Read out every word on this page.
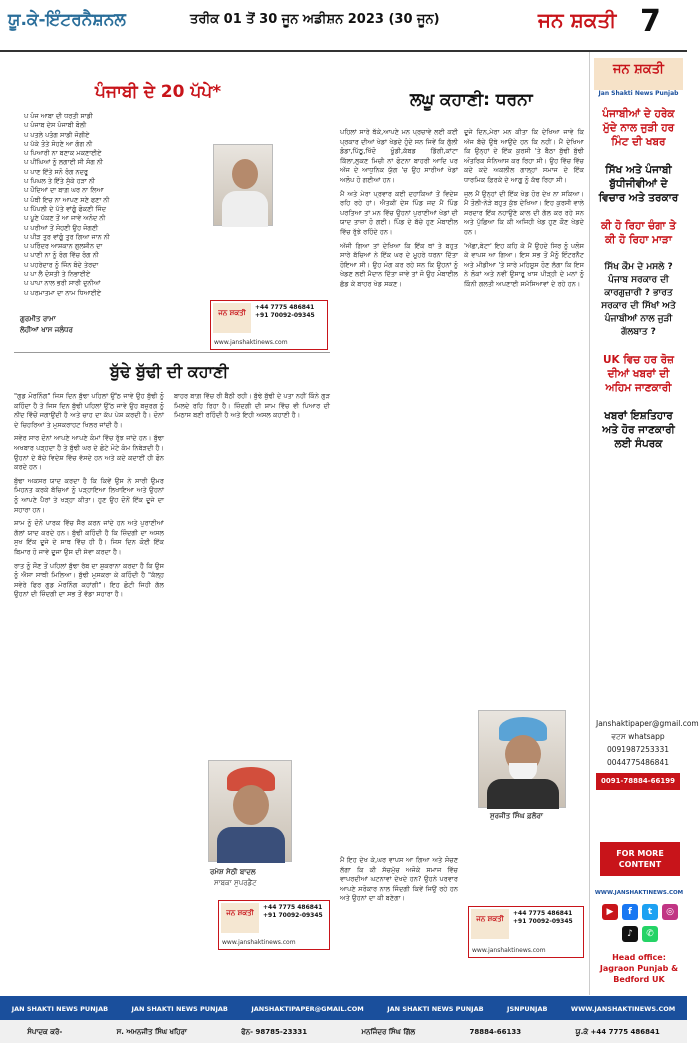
ਯੂ.ਕੇ-ਇੰਟਰਨੈਸ਼ਨਲ	ਤਰੀਕ 01 ਤੋਂ 30 ਜੂਨ ਅਡੀਸ਼ਨ 2023 (30 ਜੂਨ)	ਜਨ ਸ਼ਕਤੀ 7
ਪੰਜਾਬੀ ਦੇ 20 ਪੱਪੇ*
ਪ ਪੰਜ ਆਬਾ ਦੀ ਧਰਤੀ ਸਾਡੀ
ਪ ਪੰਜਾਬ ਦੇਸ ਪੰਜਾਬੀ ਬੋਲੀ
ਪ ਪਤਲੇ ਪਤੰਗ ਸਾਡੀ ਜੋਗੀਏ
ਪ ਪੱਕੇ ਤੋਤੇ ਸੋਹਣੇ ਆ ਗੰਗ ਨੀ
ਪ ਪਿਆਰੀ ਨਾ ਬਣਾਕ ਮਕਣਾਈਏ
ਪ ਪੀਂਘਿਆਂ ਨੂੰ ਲਗਾਈ ਸੀ ਸੰਗ ਨੀ
ਪ ਪਾਣ ਇੱਤੇ ਸਨੋ ਰੰਗ ਨਦਰੂ
ਪ ਪਿਘਲ ਤੇ ਇੱਤੇ ਸੁੱਕੇ ਹੜਾ ਨੀ
ਪ ਪੌਦਿਆਂ ਦਾ ਬਾਗ਼ ਘਰ ਨਾ ਲਿਆ
ਪ ਪੰਥੀ ਇਚ ਨਾ ਆਪਣ ਸਣੇ ਫਣਾ ਨੀ
ਪ ਪਿੱਪਲੀ ਦੇ ਪੱਤੇ ਵਾਂਗੂੰ ਫੋਕਣੀ ਜਿੰਦ
ਪ ਪੂਣੇ ਪੱਕਣ ਤੋਂ ਆ ਜਾਵੇ ਅਨੰਦ ਨੀ
ਪ ਪਰੀਆਂ ਤੋਂ ਸੋਹਣੀ ਉਹ ਜੋਗਣੀ
ਪ ਪੀੜ ਤੁਰ ਵਾਂਗੂੰ ਤੁਰ ਗਿਆ ਜਾਨ ਨੀ
ਪ ਪਰਿੰਦਰ ਆਸ਼ਕਾਨ ਗੁਲਸ਼ੀਨ ਦਾ
ਪ ਪਾਣੀ ਨਾ ਨੂੰ ਰੰਗ ਵਿੱਚ ਰੰਗ ਨੀ
ਪ ਪਹਰੇਦਾਰ ਨੂੰ ਜਿੰਨ ਬੰਦੇ ਤੇਰਦਾ
ਪ ਪਾ ਲੈ ਦੋਸਤੀ ਤੇ ਨਿਭਾਈਏ
ਪ ਪਾਪਾ ਨਾਲ ਭਰੀ ਸਾਰੀ ਦੁਨੀਆਂ
ਪ ਪਰਮਾਤਮਾ ਦਾ ਨਾਮ ਧਿਆਈਏ
ਗੁਰਮੀਤ ਰਾਮਾ
ਲੋਹੀਆਂ ਖਾਸ ਜਲੰਧਰ
ਜਨ ਸ਼ਕਤੀ
+44 7775 486841
+91 70092-09345
www.janshaktinews.com
ਬੁੱਢੇ ਬੁੱਢੀ ਦੀ ਕਹਾਣੀ

"ਗੁਡ ਮੋਰਨਿੰਗ" ਜਿਸ ਦਿਨ ਬੁੱਢਾ ਪਹਿਲਾਂ ਉੱਠ ਜਾਵੇ ਉਹ ਬੁੱਢੀ ਨੂੰ ਕਹਿੰਦਾ ਹੈ ਤੇ ਜਿਸ ਦਿਨ ਬੁੱਢੀ ਪਹਿਲਾਂ ਉੱਠ ਜਾਵੇ ਉਹ ਬਜ਼ੁਰਗ ਨੂੰ ਨੀਂਦ ਵਿੱਚੋਂ ਜਗਾਉਂਦੀ ਹੈ ਅਤੇ ਚਾਹ ਦਾ ਕੱਪ ਪੇਸ਼ ਕਰਦੀ ਹੈ। ਦੋਨਾਂ ਦੇ ਚਿਹਰਿਆਂ ਤੇ ਮੁਸਕਰਾਹਟ ਖਿਲਰ ਜਾਂਦੀ ਹੈ।

ਸਵੇਰ ਸਾਰ ਦੋਨਾਂ ਆਪਣੇ ਆਪਣੇ ਕੰਮਾਂ ਵਿੱਚ ਰੁੱਝ ਜਾਂਦੇ ਹਨ। ਬੁੱਢਾ ਅਖਬਾਰ ਪੜ੍ਹਦਾ ਹੈ ਤੇ ਬੁੱਢੀ ਘਰ ਦੇ ਛੋਟੇ ਮੋਟੇ ਕੰਮ ਨਿਬੇੜਦੀ ਹੈ। ਉਹਨਾਂ ਦੇ ਬੱਚੇ ਵਿਦੇਸ਼ ਵਿੱਚ ਵੱਸਦੇ ਹਨ ਅਤੇ ਕਦੇ ਕਦਾਈਂ ਹੀ ਫੋਨ ਕਰਦੇ ਹਨ।

ਬੁੱਢਾ ਅਕਸਰ ਯਾਦ ਕਰਦਾ ਹੈ ਕਿ ਕਿਵੇਂ ਉਸ ਨੇ ਸਾਰੀ ਉਮਰ ਮਿਹਨਤ ਕਰਕੇ ਬੱਚਿਆਂ ਨੂੰ ਪੜ੍ਹਾਇਆ ਲਿਖਾਇਆ ਅਤੇ ਉਹਨਾਂ ਨੂੰ ਆਪਣੇ ਪੈਰਾਂ ਤੇ ਖੜ੍ਹਾ ਕੀਤਾ। ਹੁਣ ਉਹ ਦੋਨੋਂ ਇੱਕ ਦੂਜੇ ਦਾ ਸਹਾਰਾ ਹਨ।

ਸ਼ਾਮ ਨੂੰ ਦੋਨੋਂ ਪਾਰਕ ਵਿੱਚ ਸੈਰ ਕਰਨ ਜਾਂਦੇ ਹਨ ਅਤੇ ਪੁਰਾਣੀਆਂ ਗੱਲਾਂ ਯਾਦ ਕਰਦੇ ਹਨ। ਬੁੱਢੀ ਕਹਿੰਦੀ ਹੈ ਕਿ ਜ਼ਿੰਦਗੀ ਦਾ ਅਸਲ ਸੁਖ ਇੱਕ ਦੂਜੇ ਦੇ ਸਾਥ ਵਿੱਚ ਹੀ ਹੈ। ਜਿਸ ਦਿਨ ਕੋਈ ਇੱਕ ਬਿਮਾਰ ਹੋ ਜਾਵੇ ਦੂਜਾ ਉਸ ਦੀ ਸੇਵਾ ਕਰਦਾ ਹੈ।

ਰਾਤ ਨੂੰ ਸੌਣ ਤੋਂ ਪਹਿਲਾਂ ਬੁੱਢਾ ਰੱਬ ਦਾ ਸ਼ੁਕਰਾਨਾ ਕਰਦਾ ਹੈ ਕਿ ਉਸ ਨੂੰ ਐਸਾ ਸਾਥੀ ਮਿਲਿਆ। ਬੁੱਢੀ ਮੁਸਕਰਾ ਕੇ ਕਹਿੰਦੀ ਹੈ "ਕੱਲ੍ਹ ਸਵੇਰੇ ਫਿਰ ਗੁਡ ਮੋਰਨਿੰਗ ਕਹਾਂਗੀ"। ਇਹ ਛੋਟੀ ਜਿਹੀ ਗੱਲ ਉਹਨਾਂ ਦੀ ਜ਼ਿੰਦਗੀ ਦਾ ਸਭ ਤੋਂ ਵੱਡਾ ਸਹਾਰਾ ਹੈ।

ਬਾਹਰ ਬਾਗ਼ ਵਿੱਚ ਰੀ ਬੈਠੀ ਰਹੀ। ਬੁੱਢੇ ਬੁੱਢੀ ਦੇ ਪਤਾ ਨਹੀਂ ਕਿੰਨੇ ਗੁੜ ਮਿਲਦੇ ਰਹਿ ਰਿਹਾ ਹੈ। ਜ਼ਿੰਦਗੀ ਦੀ ਸ਼ਾਮ ਵਿੱਚ ਵੀ ਪਿਆਰ ਦੀ ਮਿਠਾਸ ਬਣੀ ਰਹਿੰਦੀ ਹੈ ਅਤੇ ਇਹੀ ਅਸਲ ਕਹਾਣੀ ਹੈ।

ਰਮੇਸ਼ ਸੇਠੀ ਬਾਦਲ
ਸਾਬਕਾ ਸੁਪਰਡੈਂਟ
ਜਨ ਸ਼ਕਤੀ
+44 7775 486841
+91 70092-09345
www.janshaktinews.com
ਲਘੂ ਕਹਾਣੀ: ਧਰਨਾ

ਪਹਿਲਾਂ ਸਾਰੇ ਥੱਕੇ,ਆਪਣੇ ਮਨ ਪ੍ਰਚਾਵੇ ਲਈ ਕਈ ਪ੍ਰਕਾਰ ਦੀਆਂ ਖੇਡਾਂ ਖੇਡਦੇ ਹੁੰਦੇ ਸਨ ਜਿਵੇਂ ਕਿ ਗੁੱਲੀ ਡੰਡਾ,ਪਿੱਠੂ,ਖਿੱਦੋ ਖੂੰਡੀ,ਕੱਬਡ ਡਿੱਗੀ,ਕਾਂਟਾ ਕਿੱਲਾ,ਲੁਕਣ ਮਿਚੀ ਨਾਂ ਫੋਟਨਾ ਬਾਹਰੀ ਆਦਿ ਪਰ ਅੱਜ ਦੇ ਆਧੁਨਿਕ ਯੁੱਗ 'ਚ ਉਹ ਸਾਰੀਆਂ ਖੇਡਾਂ ਅਲੋਪ ਹੋ ਗਈਆਂ ਹਨ।

ਮੈਂ ਅਤੇ ਮੇਰਾ ਪ੍ਰਵਾਰ ਕਈ ਦਹਾਕਿਆਂ ਤੋਂ ਵਿਦੇਸ਼ ਰਹਿ ਰਹੇ ਹਾਂ। ਐਤਕੀਂ ਦੇਸ ਪਿੰਡ ਜਦ ਮੈਂ ਪਿੰਡ ਪਰਤਿਆ ਤਾਂ ਮਨ ਵਿੱਚ ਉਹਨਾਂ ਪੁਰਾਣੀਆਂ ਖੇਡਾਂ ਦੀ ਯਾਦ ਤਾਜ਼ਾ ਹੋ ਗਈ। ਪਿੰਡ ਦੇ ਬੱਚੇ ਹੁਣ ਮੋਬਾਈਲ ਵਿੱਚ ਰੁੱਝੇ ਰਹਿੰਦੇ ਹਨ।

ਅੱਜੀ ਗਿਆ ਤਾਂ ਦੇਖਿਆ ਕਿ ਇੱਕ ਥਾਂ ਤੇ ਬਹੁਤ ਸਾਰੇ ਬੱਚਿਆਂ ਨੇ ਇੱਕ ਘਰ ਦੇ ਮੂਹਰੇ ਧਰਨਾ ਦਿੱਤਾ ਹੋਇਆ ਸੀ। ਉਹ ਮੰਗ ਕਰ ਰਹੇ ਸਨ ਕਿ ਉਹਨਾਂ ਨੂੰ ਖੇਡਣ ਲਈ ਮੈਦਾਨ ਦਿੱਤਾ ਜਾਵੇ ਤਾਂ ਜੋ ਉਹ ਮੋਬਾਈਲ ਛੱਡ ਕੇ ਬਾਹਰ ਖੇਡ ਸਕਣ।

ਦੂਜੇ ਦਿਨ,ਮੇਰਾ ਮਨ ਕੀਤਾ ਕਿ ਦੇਖਿਆ ਜਾਵੇ ਕਿ ਅੱਜ ਬੱਚੇ ਉਥੇ ਆਉਂਦੇ ਹਨ ਕਿ ਨਹੀਂ। ਮੈਂ ਦੇਖਿਆ ਕਿ ਉਨ੍ਹਾਂ ਦੇ ਇੱਕ ਕੁਰਸੀ 'ਤੇ ਬੈਠਾ ਬੁੱਢੀ ਬੁੱਢੀ ਅੰਤਰਿਕ ਸੰਨਿਆਸ ਕਰ ਰਿਹਾ ਸੀ। ਉਹ ਵਿੱਚ ਵਿੱਚ ਕਦੇ ਕਦੇ ਅਕਲੀਲ ਗਾਲ੍ਹਾਂ ਸਮਾਜ ਦੇ ਇੱਕ ਧਾਰਮਿਕ ਫ਼ਿਰਕੇ ਦੇ ਆਗੂ ਨੂੰ ਕੱਢ ਰਿਹਾ ਸੀ।

ਜੁਲ ਮੈਂ ਉਨ੍ਹਾਂ ਦੀ ਇੱਕ ਖੇਡ ਹੋਰ ਦੇਖ ਨਾ ਸਕਿਆ। ਮੈਂ ਤੋਲੀ-ਨੇੜੇ ਬਹੁਤ ਕੁੱਝ ਦੇਖਿਆ। ਇਹ ਕੁਰਸੀ ਵਾਲੇ ਸਰਦਾਰ ਇੱਕ ਨਹਾਉਣੇ ਕਾਲ ਦੀ ਗੱਲ ਕਰ ਰਹੇ ਸਨ ਅਤੇ ਪੁੱਛਿਆ ਕਿ ਕੀ ਅਜਿਹੀ ਖੇਡ ਹੁਣ ਕੌਣ ਖੇਡਦੇ ਹਨ।

'ਅੱਛਾ,ਬੇਟਾ' ਇਹ ਕਹਿ ਕੇ ਮੈਂ ਉਹਦੇ ਸਿਰ ਨੂੰ ਪਲੋਸ ਕੇ ਵਾਪਸ ਆ ਗਿਆ। ਇਸ ਸਭ ਤੋਂ ਮੈਨੂੰ ਇੰਟਰਨੈਟ ਅਤੇ ਮੀਡੀਆ 'ਤੇ ਸਾਰੇ ਮਹਿਸੂਸ ਹੋਣ ਲੱਗਾ ਕਿ ਇਸ ਨੇ ਲੋਕਾਂ ਅਤੇ ਨਵੀਂ ਉਸਾਰੂ ਖਾਸ ਪੀੜ੍ਹੀ ਦੇ ਮਨਾਂ ਨੂੰ ਕਿੰਨੀ ਗਲਤੀ ਅਪਣਾਈ ਸਮੱਸਿਆਵਾਂ ਦੇ ਰਹੇ ਹਨ।

ਮੈਂ ਇਹ ਦੇਖ ਕੇ,ਘਰ ਵਾਪਸ ਆ ਗਿਆ ਅਤੇ ਸੋਚਣ ਲੱਗਾ ਕਿ ਕੀ ਸੱਚਮੁੱਚ ਅਜੋਕੇ ਸਮਾਜ ਵਿੱਚ ਵਾਪਰਦੀਆਂ ਘਟਨਾਵਾਂ ਦੇਖਦੇ ਹਨ? ਉਹਨੇ ਪਰਵਾਰ ਆਪਣੇ ਸਰੋਕਾਰ ਨਾਲ ਜਿੰਦਗੀ ਕਿਵੇਂ ਜਿਉਂ ਰਹੇ ਹਨ ਅਤੇ ਉਹਨਾਂ ਦਾ ਕੀ ਬਣੇਗਾ।

ਸੁਰਜੀਤ ਸਿੰਘ ਫ਼ਲੋਰਾ
ਜਨ ਸ਼ਕਤੀ
+44 7775 486841
+91 70092-09345
www.janshaktinews.com
ਜਨ ਸ਼ਕਤੀ
Jan Shakti News Punjab
ਪੰਜਾਬੀਆਂ ਦੇ ਹਰੇਕ ਮੁੱਦੇ ਨਾਲ ਜੁੜੀ ਹਰ ਮਿੰਟ ਦੀ ਖਬਰ
ਸਿੱਖ ਅਤੇ ਪੰਜਾਬੀ ਬੁੱਧੀਜੀਵੀਆਂ ਦੇ ਵਿਚਾਰ ਅਤੇ ਤਰਕਾਰ
ਕੀ ਹੋ ਰਿਹਾ ਚੰਗਾ ਤੇ ਕੀ ਹੋ ਰਿਹਾ ਮਾੜਾ
ਸਿੱਖ ਕੌਮ ਦੇ ਮਸਲੇ ? ਪੰਜਾਬ ਸਰਕਾਰ ਦੀ ਕਾਰਗੁਜ਼ਾਰੀ ? ਭਾਰਤ ਸਰਕਾਰ ਦੀ ਸਿੱਖਾਂ ਅਤੇ ਪੰਜਾਬੀਆਂ ਨਾਲ ਜੁੜੀ ਗੱਲਬਾਤ ?
UK ਵਿਚ ਹਰ ਰੋਜ਼ ਦੀਆਂ ਖਬਰਾਂ ਦੀ ਅਹਿਮ ਜਾਣਕਾਰੀ
ਖਬਰਾਂ ਇਸ਼ਤਿਹਾਰ ਅਤੇ ਹੋਰ ਜਾਣਕਾਰੀ ਲਈ ਸੰਪਰਕ
Janshaktipaper@gmail.com
ਵਟਸ whatsapp
0091987253331
0044775486841
0091-78884-66199
FOR MORE CONTENT
WWW.JANSHAKTINEWS.COM
▶	f	t	◎
♪	✆
Head office: Jagraon Punjab & Bedford UK
JAN SHAKTI NEWS PUNJAB	JAN SHAKTI NEWS PUNJAB	JANSHAKTIPAPER@GMAIL.COM	JAN SHAKTI NEWS PUNJAB	JSNPUNJAB	WWW.JANSHAKTINEWS.COM
ਸੰਪਾਦਕ ਕਰੋ-	ਸ. ਅਮਨਜੀਤ ਸਿੰਘ ਖਹਿਰਾ	ਫੋਨ- 98785-23331	ਮਨਜਿੰਦਰ ਸਿੰਘ ਗਿੱਲ	78884-66133	ਯੂ.ਕੇ +44 7775 486841
